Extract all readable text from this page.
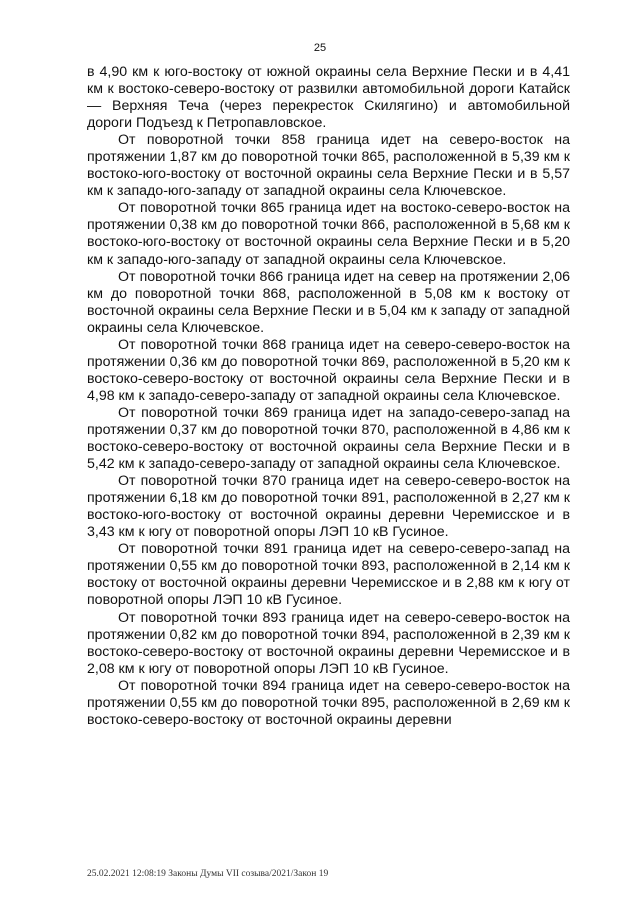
25

в 4,90 км к юго-востоку от южной окраины села Верхние Пески и в 4,41 км к востоко-северо-востоку от развилки автомобильной дороги Катайск — Верхняя Теча (через перекресток Скилягино) и автомобильной дороги Подъезд к Петропавловское.

От поворотной точки 858 граница идет на северо-восток на протяжении 1,87 км до поворотной точки 865, расположенной в 5,39 км к востоко-юго-востоку от восточной окраины села Верхние Пески и в 5,57 км к западо-юго-западу от западной окраины села Ключевское.

От поворотной точки 865 граница идет на востоко-северо-восток на протяжении 0,38 км до поворотной точки 866, расположенной в 5,68 км к востоко-юго-востоку от восточной окраины села Верхние Пески и в 5,20 км к западо-юго-западу от западной окраины села Ключевское.

От поворотной точки 866 граница идет на север на протяжении 2,06 км до поворотной точки 868, расположенной в 5,08 км к востоку от восточной окраины села Верхние Пески и в 5,04 км к западу от западной окраины села Ключевское.

От поворотной точки 868 граница идет на северо-северо-восток на протяжении 0,36 км до поворотной точки 869, расположенной в 5,20 км к востоко-северо-востоку от восточной окраины села Верхние Пески и в 4,98 км к западо-северо-западу от западной окраины села Ключевское.

От поворотной точки 869 граница идет на западо-северо-запад на протяжении 0,37 км до поворотной точки 870, расположенной в 4,86 км к востоко-северо-востоку от восточной окраины села Верхние Пески и в 5,42 км к западо-северо-западу от западной окраины села Ключевское.

От поворотной точки 870 граница идет на северо-северо-восток на протяжении 6,18 км до поворотной точки 891, расположенной в 2,27 км к востоко-юго-востоку от восточной окраины деревни Черемисское и в 3,43 км к югу от поворотной опоры ЛЭП 10 кВ Гусиное.

От поворотной точки 891 граница идет на северо-северо-запад на протяжении 0,55 км до поворотной точки 893, расположенной в 2,14 км к востоку от восточной окраины деревни Черемисское и в 2,88 км к югу от поворотной опоры ЛЭП 10 кВ Гусиное.

От поворотной точки 893 граница идет на северо-северо-восток на протяжении 0,82 км до поворотной точки 894, расположенной в 2,39 км к востоко-северо-востоку от восточной окраины деревни Черемисское и в 2,08 км к югу от поворотной опоры ЛЭП 10 кВ Гусиное.

От поворотной точки 894 граница идет на северо-северо-восток на протяжении 0,55 км до поворотной точки 895, расположенной в 2,69 км к востоко-северо-востоку от восточной окраины деревни

25.02.2021 12:08:19 Законы Думы VII созыва/2021/Закон 19
